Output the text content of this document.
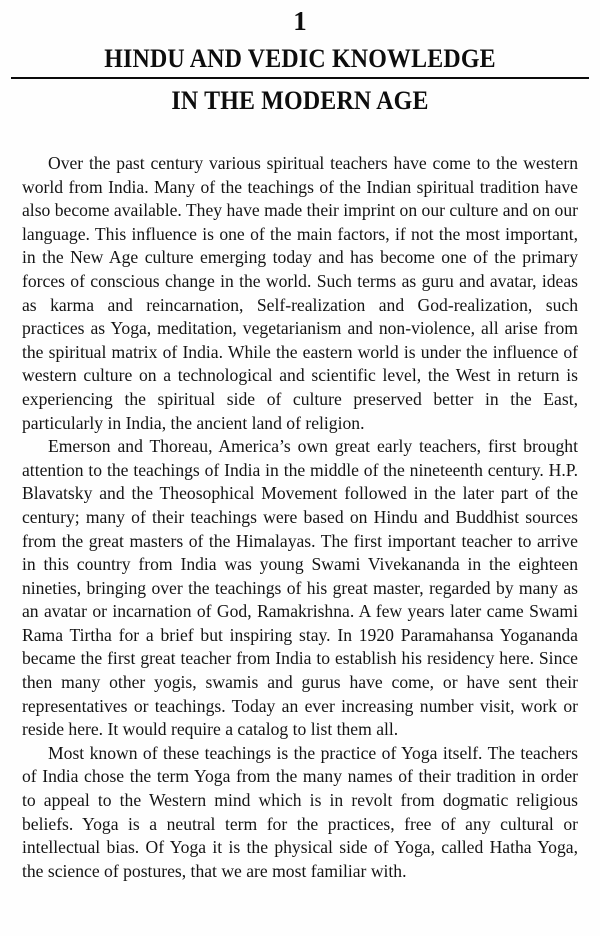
1
HINDU AND VEDIC KNOWLEDGE
IN THE MODERN AGE

Over the past century various spiritual teachers have come to the western world from India. Many of the teachings of the Indian spiritual tradition have also become available. They have made their imprint on our culture and on our language. This influence is one of the main factors, if not the most important, in the New Age culture emerging today and has become one of the primary forces of conscious change in the world. Such terms as guru and avatar, ideas as karma and reincarnation, Self-realization and God-realization, such practices as Yoga, meditation, vegetarianism and non-violence, all arise from the spiritual matrix of India. While the eastern world is under the influence of western culture on a technological and scientific level, the West in return is experiencing the spiritual side of culture preserved better in the East, particularly in India, the ancient land of religion.

Emerson and Thoreau, America’s own great early teachers, first brought attention to the teachings of India in the middle of the nineteenth century. H.P. Blavatsky and the Theosophical Movement followed in the later part of the century; many of their teachings were based on Hindu and Buddhist sources from the great masters of the Himalayas. The first important teacher to arrive in this country from India was young Swami Vivekananda in the eighteen nineties, bringing over the teachings of his great master, regarded by many as an avatar or incarnation of God, Ramakrishna. A few years later came Swami Rama Tirtha for a brief but inspiring stay. In 1920 Paramahansa Yogananda became the first great teacher from India to establish his residency here. Since then many other yogis, swamis and gurus have come, or have sent their representatives or teachings. Today an ever increasing number visit, work or reside here. It would require a catalog to list them all.

Most known of these teachings is the practice of Yoga itself. The teachers of India chose the term Yoga from the many names of their tradition in order to appeal to the Western mind which is in revolt from dogmatic religious beliefs. Yoga is a neutral term for the practices, free of any cultural or intellectual bias. Of Yoga it is the physical side of Yoga, called Hatha Yoga, the science of postures, that we are most familiar with.
